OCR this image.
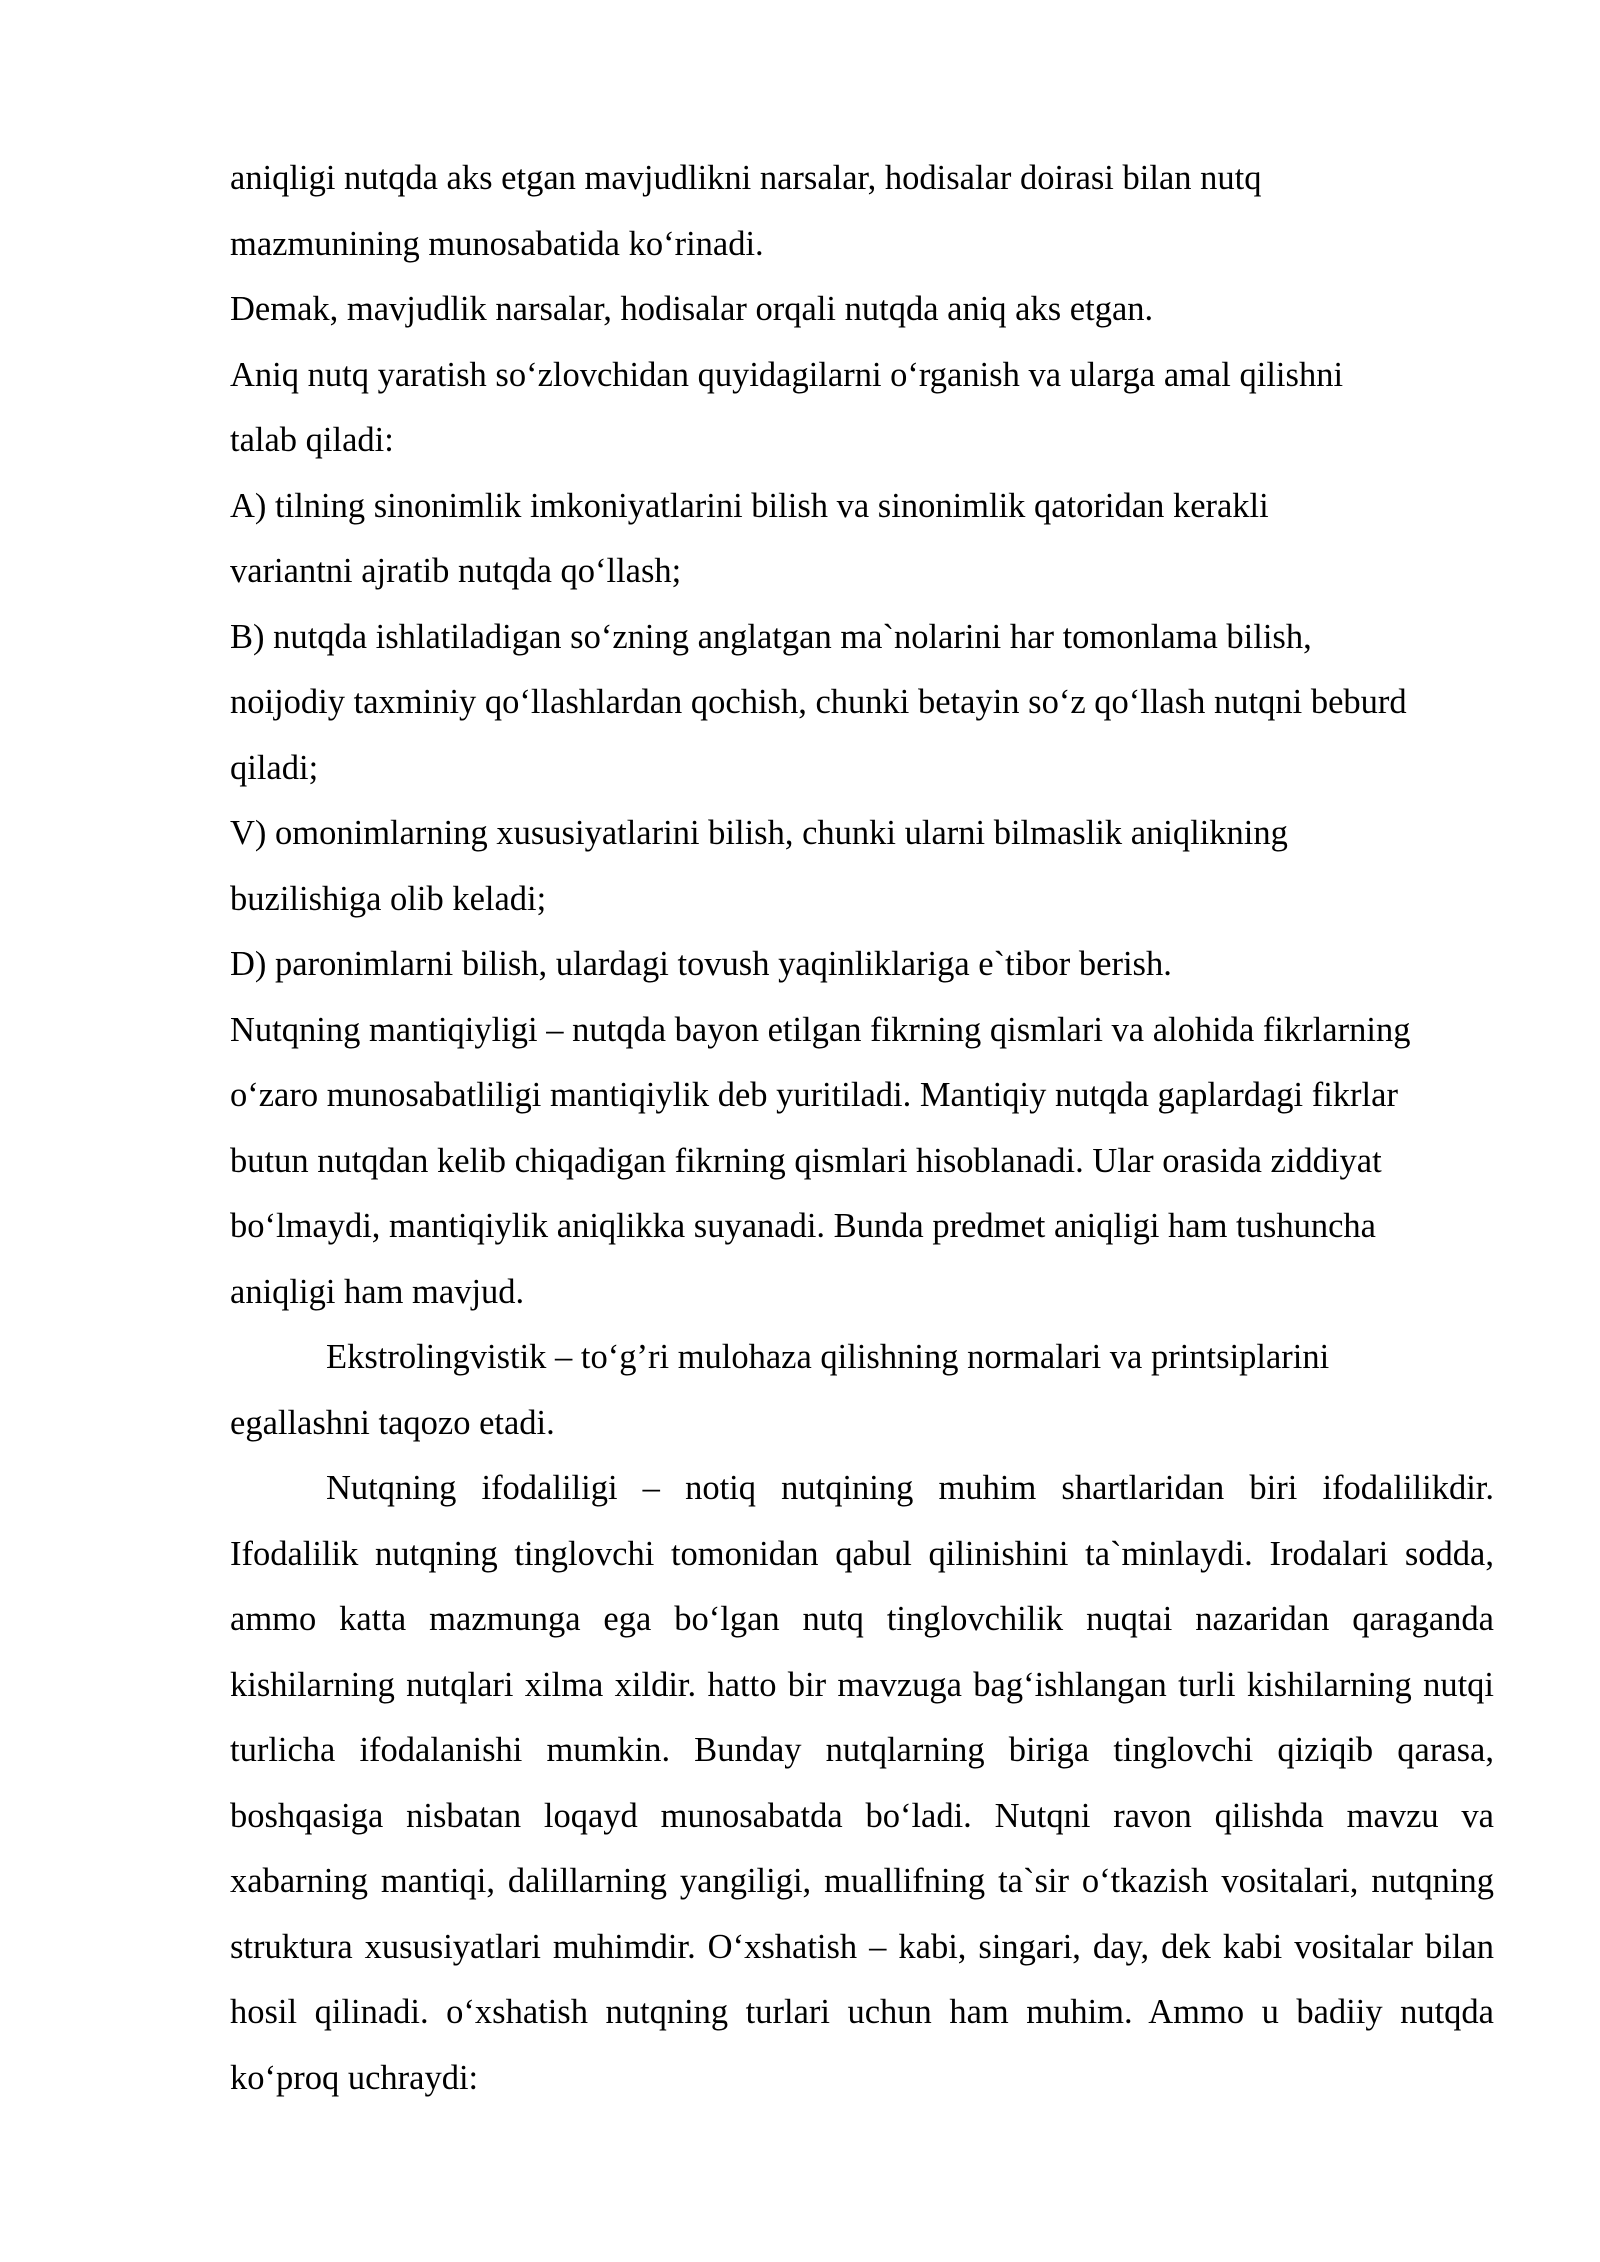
aniqligi nutqda aks etgan mavjudlikni narsalar, hodisalar doirasi bilan nutq mazmunining munosabatida ko‘rinadi.

Demak, mavjudlik narsalar, hodisalar orqali nutqda aniq aks etgan.

Aniq nutq yaratish so‘zlovchidan quyidagilarni o‘rganish va ularga amal qilishni talab qiladi:

A) tilning sinonimlik imkoniyatlarini bilish va sinonimlik qatoridan kerakli variantni ajratib nutqda qo‘llash;

B) nutqda ishlatiladigan so‘zning anglatgan ma`nolarini har tomonlama bilish, noijodiy taxminiy qo‘llashlardan qochish, chunki betayin so‘z qo‘llash nutqni beburd qiladi;

V) omonimlarning xususiyatlarini bilish, chunki ularni bilmaslik aniqlikning buzilishiga olib keladi;

D) paronimlarni bilish, ulardagi tovush yaqinliklariga e`tibor berish.

Nutqning mantiqiyligi – nutqda bayon etilgan fikrning qismlari va alohida fikrlarning o‘zaro munosabatliligi mantiqiylik deb yuritiladi. Mantiqiy nutqda gaplardagi fikrlar butun nutqdan kelib chiqadigan fikrning qismlari hisoblanadi. Ular orasida ziddiyat bo‘lmaydi, mantiqiylik aniqlikka suyanadi. Bunda predmet aniqligi ham tushuncha aniqligi ham mavjud.

Ekstrolingvistik – to‘g’ri mulohaza qilishning normalari va printsiplarini egallashni taqozo etadi.

Nutqning ifodaliligi – notiq nutqining muhim shartlaridan biri ifodalilikdir. Ifodalilik nutqning tinglovchi tomonidan qabul qilinishini ta`minlaydi. Irodalari sodda, ammo katta mazmunga ega bo‘lgan nutq tinglovchilik nuqtai nazaridan qaraganda kishilarning nutqlari xilma xildir. hatto bir mavzuga bag‘ishlangan turli kishilarning nutqi turlicha ifodalanishi mumkin. Bunday nutqlarning biriga tinglovchi qiziqib qarasa, boshqasiga nisbatan loqayd munosabatda bo‘ladi. Nutqni ravon qilishda mavzu va xabarning mantiqi, dalillarning yangiligi, muallifning ta`sir o‘tkazish vositalari, nutqning struktura xususiyatlari muhimdir. O‘xshatish – kabi, singari, day, dek kabi vositalar bilan hosil qilinadi. o‘xshatish nutqning turlari uchun ham muhim. Ammo u badiiy nutqda ko‘proq uchraydi:
